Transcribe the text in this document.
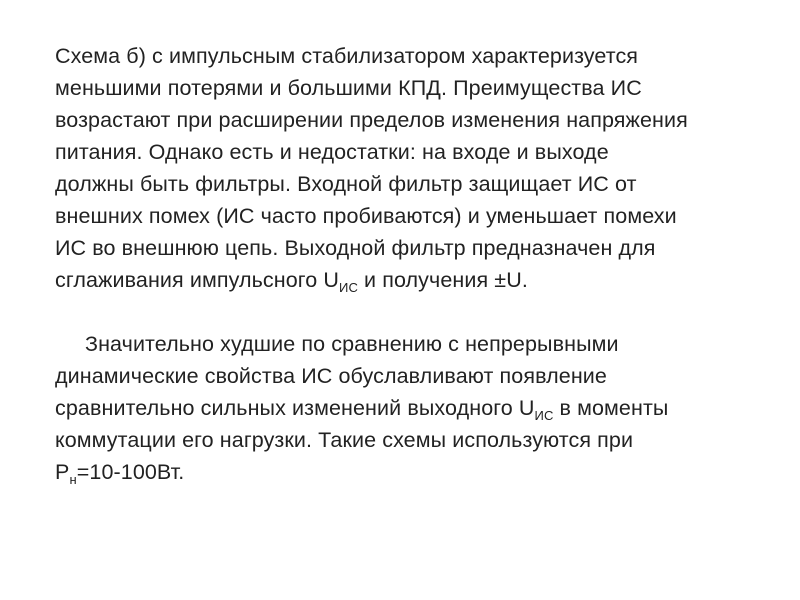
Схема б) с импульсным стабилизатором характеризуется
меньшими потерями и большими КПД. Преимущества ИС
возрастают при расширении пределов изменения напряжения
питания. Однако есть и недостатки: на входе и выходе
должны быть фильтры. Входной фильтр защищает ИС от
внешних помех (ИС часто пробиваются) и уменьшает помехи
ИС во внешнюю цепь. Выходной фильтр предназначен для
сглаживания импульсного $U_{ИС}$ и получения ±U.

Значительно худшие по сравнению с непрерывными
динамические свойства ИС обуславливают появление
сравнительно сильных изменений выходного $U_{ИС}$ в моменты
коммутации его нагрузки. Такие схемы используются при
$P_н=10-100Вт$.
